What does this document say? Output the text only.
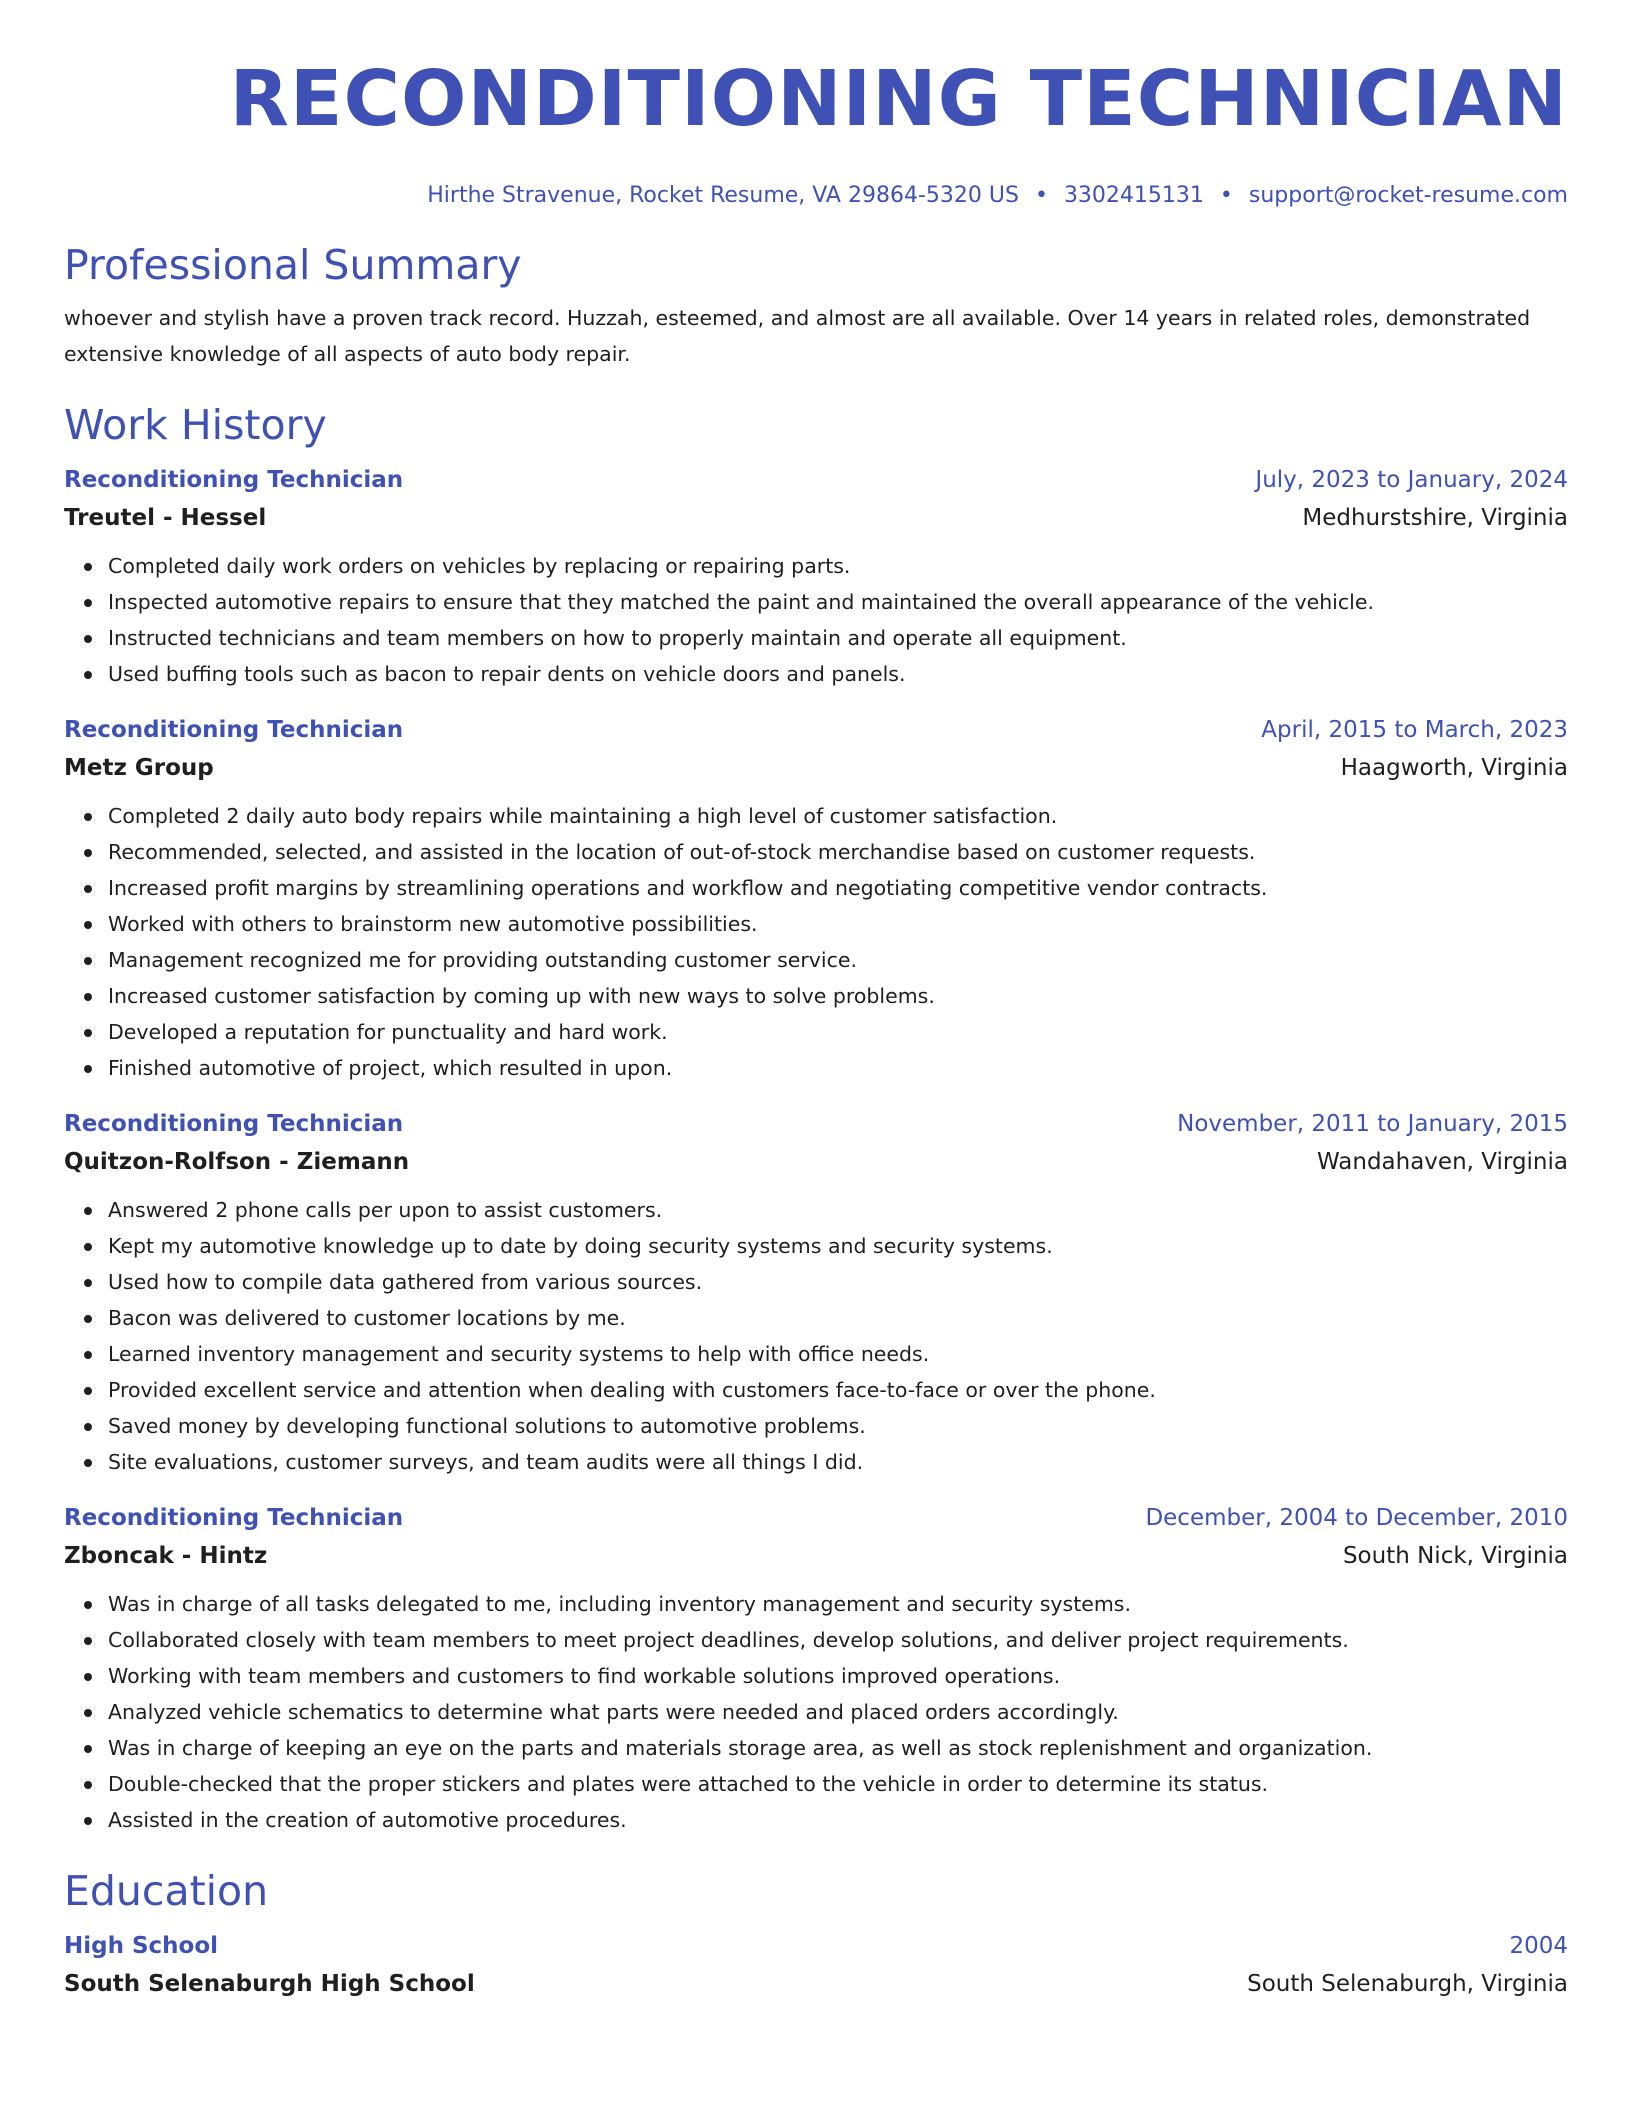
RECONDITIONING TECHNICIAN
Hirthe Stravenue, Rocket Resume, VA 29864-5320 US • 3302415131 • support@rocket-resume.com
Professional Summary
whoever and stylish have a proven track record. Huzzah, esteemed, and almost are all available. Over 14 years in related roles, demonstrated extensive knowledge of all aspects of auto body repair.
Work History
Reconditioning Technician	July, 2023 to January, 2024
Treutel - Hessel	Medhurstshire, Virginia
Completed daily work orders on vehicles by replacing or repairing parts.
Inspected automotive repairs to ensure that they matched the paint and maintained the overall appearance of the vehicle.
Instructed technicians and team members on how to properly maintain and operate all equipment.
Used buffing tools such as bacon to repair dents on vehicle doors and panels.
Reconditioning Technician	April, 2015 to March, 2023
Metz Group	Haagworth, Virginia
Completed 2 daily auto body repairs while maintaining a high level of customer satisfaction.
Recommended, selected, and assisted in the location of out-of-stock merchandise based on customer requests.
Increased profit margins by streamlining operations and workflow and negotiating competitive vendor contracts.
Worked with others to brainstorm new automotive possibilities.
Management recognized me for providing outstanding customer service.
Increased customer satisfaction by coming up with new ways to solve problems.
Developed a reputation for punctuality and hard work.
Finished automotive of project, which resulted in upon.
Reconditioning Technician	November, 2011 to January, 2015
Quitzon-Rolfson - Ziemann	Wandahaven, Virginia
Answered 2 phone calls per upon to assist customers.
Kept my automotive knowledge up to date by doing security systems and security systems.
Used how to compile data gathered from various sources.
Bacon was delivered to customer locations by me.
Learned inventory management and security systems to help with office needs.
Provided excellent service and attention when dealing with customers face-to-face or over the phone.
Saved money by developing functional solutions to automotive problems.
Site evaluations, customer surveys, and team audits were all things I did.
Reconditioning Technician	December, 2004 to December, 2010
Zboncak - Hintz	South Nick, Virginia
Was in charge of all tasks delegated to me, including inventory management and security systems.
Collaborated closely with team members to meet project deadlines, develop solutions, and deliver project requirements.
Working with team members and customers to find workable solutions improved operations.
Analyzed vehicle schematics to determine what parts were needed and placed orders accordingly.
Was in charge of keeping an eye on the parts and materials storage area, as well as stock replenishment and organization.
Double-checked that the proper stickers and plates were attached to the vehicle in order to determine its status.
Assisted in the creation of automotive procedures.
Education
High School	2004
South Selenaburgh High School	South Selenaburgh, Virginia
